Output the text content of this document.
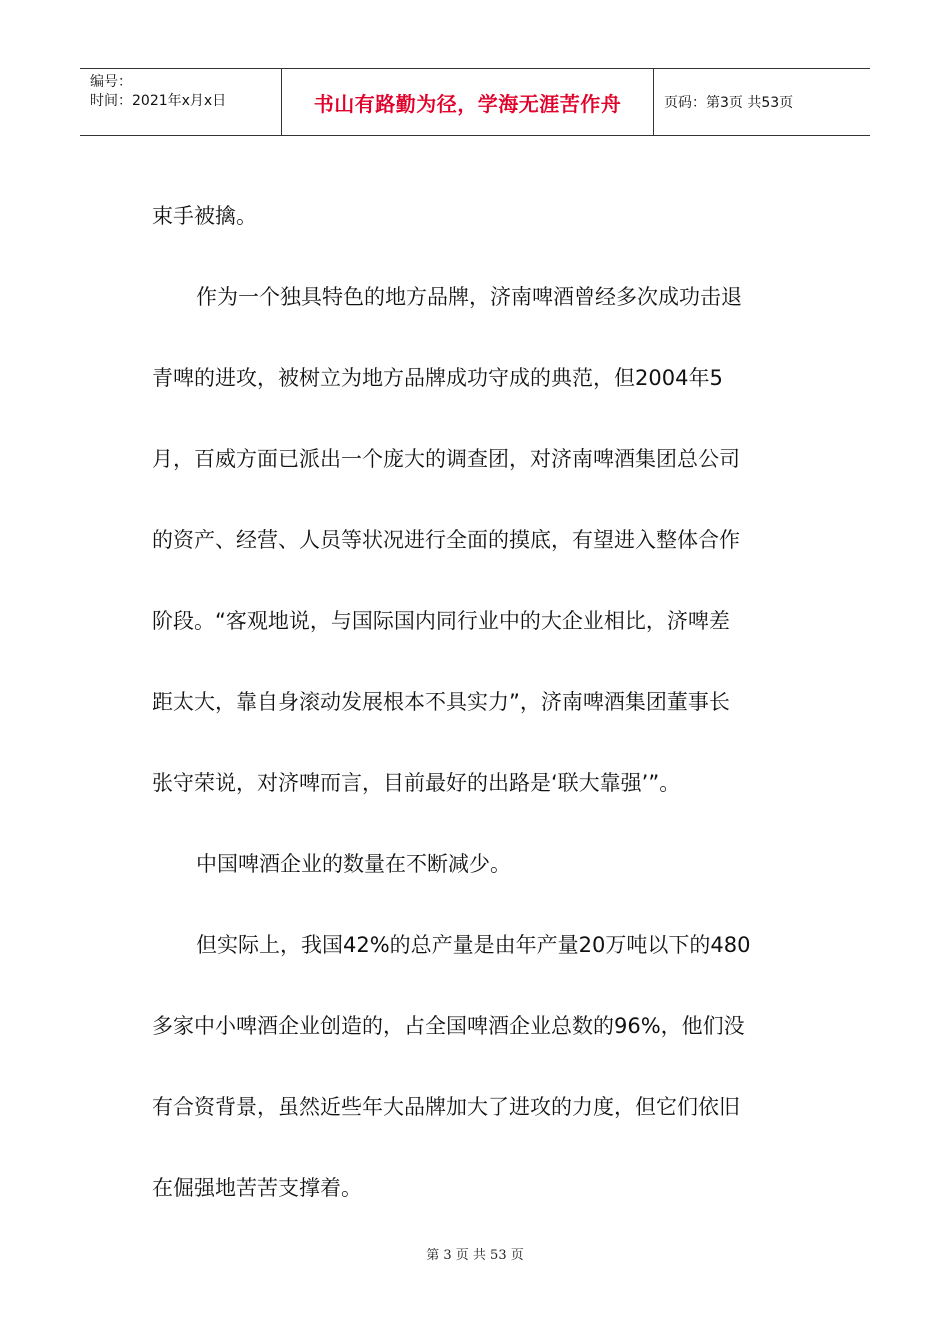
编号：
时间：2021年x月x日	书山有路勤为径，学海无涯苦作舟	页码：第3页 共53页

束手被擒。

作为一个独具特色的地方品牌，济南啤酒曾经多次成功击退

青啤的进攻，被树立为地方品牌成功守成的典范，但2004年5

月，百威方面已派出一个庞大的调查团，对济南啤酒集团总公司

的资产、经营、人员等状况进行全面的摸底，有望进入整体合作

阶段。“客观地说，与国际国内同行业中的大企业相比，济啤差

距太大，靠自身滚动发展根本不具实力”，济南啤酒集团董事长

张守荣说，对济啤而言，目前最好的出路是‘联大靠强’”。

中国啤酒企业的数量在不断减少。

但实际上，我国42%的总产量是由年产量20万吨以下的480

多家中小啤酒企业创造的，占全国啤酒企业总数的96%，他们没

有合资背景，虽然近些年大品牌加大了进攻的力度，但它们依旧

在倔强地苦苦支撑着。

第 3 页 共 53 页
